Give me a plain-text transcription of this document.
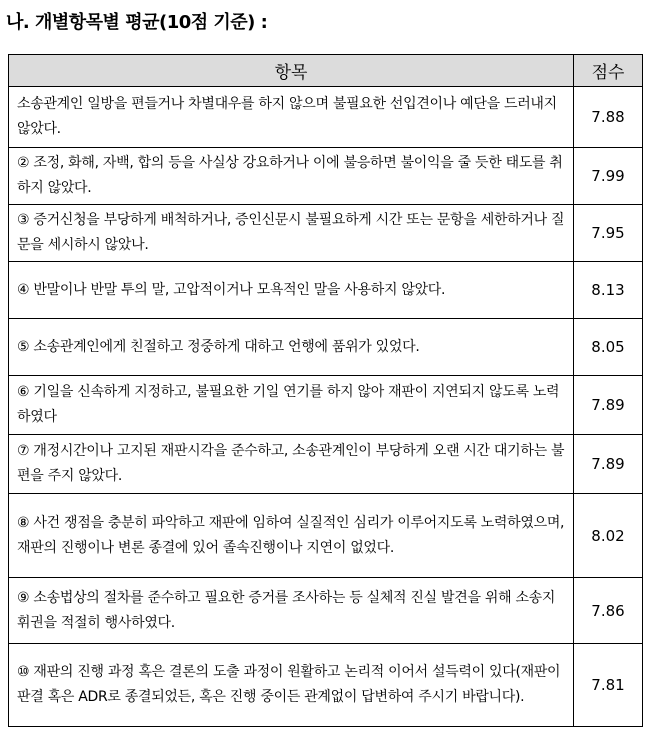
나. 개별항목별 평균(10점 기준) :
항목	점수
소송관계인 일방을 편들거나 차별대우를 하지 않으며 불필요한 선입견이나 예단을 드러내지 않았다.	7.88
② 조정, 화해, 자백, 합의 등을 사실상 강요하거나 이에 불응하면 불이익을 줄 듯한 태도를 취하지 않았다.	7.99
③ 증거신청을 부당하게 배척하거나, 증인신문시 불필요하게 시간 또는 문항을 세한하거나 질문을 세시하시 않았나.	7.95
④ 반말이나 반말 투의 말, 고압적이거나 모욕적인 말을 사용하지 않았다.	8.13
⑤ 소송관계인에게 친절하고 정중하게 대하고 언행에 품위가 있었다.	8.05
⑥ 기일을 신속하게 지정하고, 불필요한 기일 연기를 하지 않아 재판이 지연되지 않도록 노력하였다	7.89
⑦ 개정시간이나 고지된 재판시각을 준수하고, 소송관계인이 부당하게 오랜 시간 대기하는 불편을 주지 않았다.	7.89
⑧ 사건 쟁점을 충분히 파악하고 재판에 임하여 실질적인 심리가 이루어지도록 노력하였으며, 재판의 진행이나 변론 종결에 있어 졸속진행이나 지연이 없었다.	8.02
⑨ 소송법상의 절차를 준수하고 필요한 증거를 조사하는 등 실체적 진실 발견을 위해 소송지휘권을 적절히 행사하였다.	7.86
⑩ 재판의 진행 과정 혹은 결론의 도출 과정이 원활하고 논리적 이어서 설득력이 있다(재판이 판결 혹은 ADR로 종결되었든, 혹은 진행 중이든 관계없이 답변하여 주시기 바랍니다).	7.81
